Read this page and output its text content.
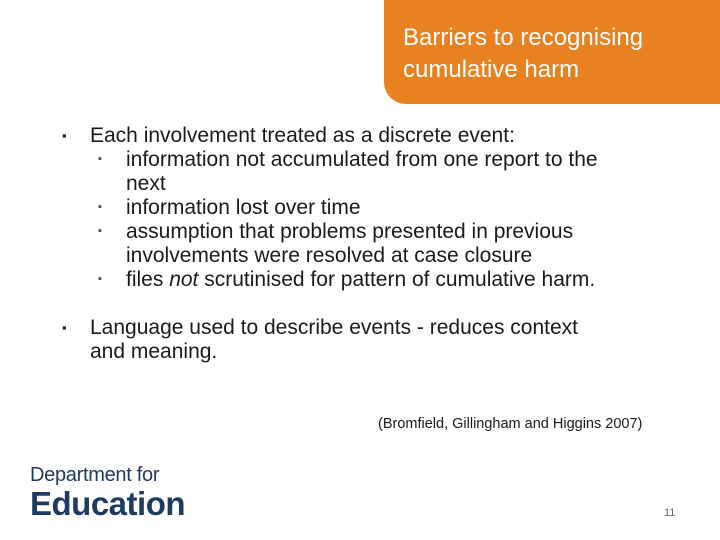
Barriers to recognising
cumulative harm
▪ Each involvement treated as a discrete event:
▪ information not accumulated from one report to the
next
▪ information lost over time
▪ assumption that problems presented in previous
involvements were resolved at case closure
▪ files not scrutinised for pattern of cumulative harm.
▪ Language used to describe events - reduces context
and meaning.
(Bromfield, Gillingham and Higgins 2007)
Department for
Education	11
